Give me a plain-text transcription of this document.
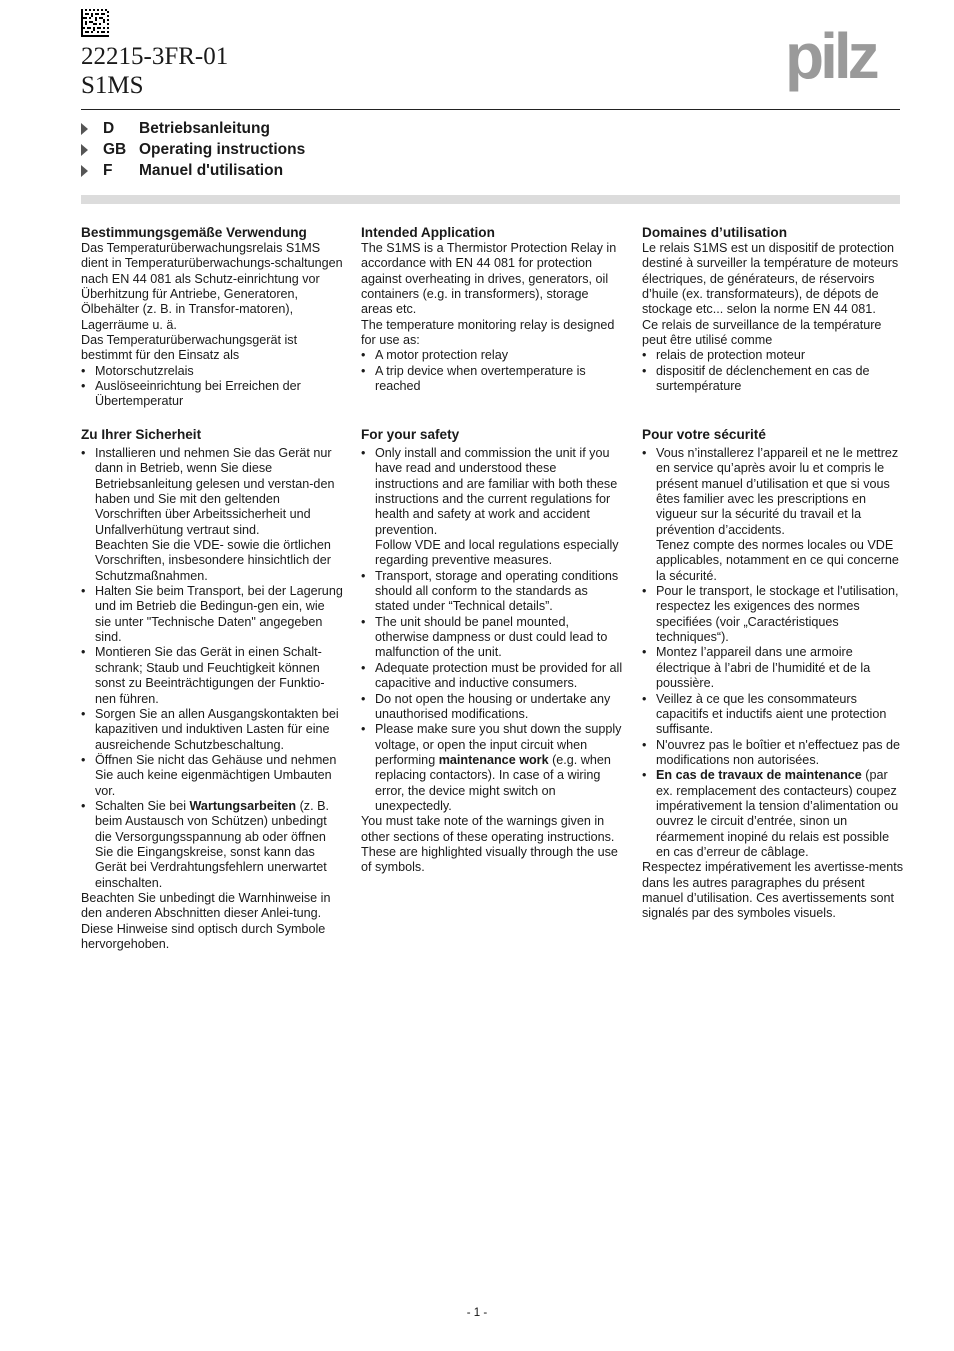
22215-3FR-01
S1MS	pilz
D	Betriebsanleitung
GB Operating instructions
F	Manuel d'utilisation
Bestimmungsgemäße Verwendung

Das Temperaturüberwachungsrelais S1MS dient in Temperaturüberwachungs-schaltungen nach EN 44 081 als Schutz-einrichtung vor Überhitzung für Antriebe, Generatoren, Ölbehälter (z. B. in Transfor-matoren), Lagerräume u. ä.

Das Temperaturüberwachungsgerät ist bestimmt für den Einsatz als

• Motorschutzrelais
• Auslöseeinrichtung bei Erreichen der Übertemperatur
Zu Ihrer Sicherheit
• Installieren und nehmen Sie das Gerät nur dann in Betrieb, wenn Sie diese Betriebsanleitung gelesen und verstan-den haben und Sie mit den geltenden Vorschriften über Arbeitssicherheit und Unfallverhütung vertraut sind.
Beachten Sie die VDE- sowie die örtlichen Vorschriften, insbesondere hinsichtlich der Schutzmaßnahmen.
• Halten Sie beim Transport, bei der Lagerung und im Betrieb die Bedingun-gen ein, wie sie unter "Technische Daten" angegeben sind.
• Montieren Sie das Gerät in einen Schalt-schrank; Staub und Feuchtigkeit können sonst zu Beeinträchtigungen der Funktio-nen führen.
• Sorgen Sie an allen Ausgangskontakten bei kapazitiven und induktiven Lasten für eine ausreichende Schutzbeschaltung.
• Öffnen Sie nicht das Gehäuse und nehmen Sie auch keine eigenmächtigen Umbauten vor.
• Schalten Sie bei Wartungsarbeiten (z. B. beim Austausch von Schützen) unbedingt die Versorgungsspannung ab oder öffnen Sie die Eingangskreise, sonst kann das Gerät bei Verdrahtungsfehlern unerwartet einschalten.

Beachten Sie unbedingt die Warnhinweise in den anderen Abschnitten dieser Anlei-tung. Diese Hinweise sind optisch durch Symbole hervorgehoben.

Intended Application

The S1MS is a Thermistor Protection Relay in accordance with EN 44 081 for protection against overheating in drives, generators, oil containers (e.g. in transformers), storage areas etc.

The temperature monitoring relay is designed for use as:

• A motor protection relay
• A trip device when overtemperature is reached
For your safety
• Only install and commission the unit if you have read and understood these instructions and are familiar with both these instructions and the current regulations for health and safety at work and accident prevention.
Follow VDE and local regulations especially regarding preventive measures.
• Transport, storage and operating conditions should all conform to the standards as stated under “Technical details”.
• The unit should be panel mounted, otherwise dampness or dust could lead to malfunction of the unit.
• Adequate protection must be provided for all capacitive and inductive consumers.
• Do not open the housing or undertake any unauthorised modifications.
• Please make sure you shut down the supply voltage, or open the input circuit when performing maintenance work (e.g. when replacing contactors). In case of a wiring error, the device might switch on unexpectedly.

You must take note of the warnings given in other sections of these operating instructions. These are highlighted visually through the use of symbols.

Domaines d’utilisation

Le relais S1MS est un dispositif de protection destiné à surveiller la température de moteurs électriques, de générateurs, de réservoirs d’huile (ex. transformateurs), de dépots de stockage etc... selon la norme EN 44 081.

Ce relais de surveillance de la température peut être utilisé comme

• relais de protection moteur
• dispositif de déclenchement en cas de surtempérature
Pour votre sécurité
• Vous n’installerez l’appareil et ne le mettrez en service qu’après avoir lu et compris le présent manuel d’utilisation et que si vous êtes familier avec les prescriptions en vigueur sur la sécurité du travail et la prévention d’accidents.
Tenez compte des normes locales ou VDE applicables, notamment en ce qui concerne la sécurité.
• Pour le transport, le stockage et l'utilisation, respectez les exigences des normes specifiées (voir „Caractéristiques techniques“).
• Montez l’appareil dans une armoire électrique à l’abri de l’humidité et de la poussière.
• Veillez à ce que les consommateurs capacitifs et inductifs aient une protection suffisante.
• N'ouvrez pas le boîtier et n'effectuez pas de modifications non autorisées.
• En cas de travaux de maintenance (par ex. remplacement des contacteurs) coupez impérativement la tension d’alimentation ou ouvrez le circuit d’entrée, sinon un réarmement inopiné du relais est possible en cas d’erreur de câblage.

Respectez impérativement les avertisse-ments dans les autres paragraphes du présent manuel d’utilisation. Ces avertissements sont signalés par des symboles visuels.

- 1 -
